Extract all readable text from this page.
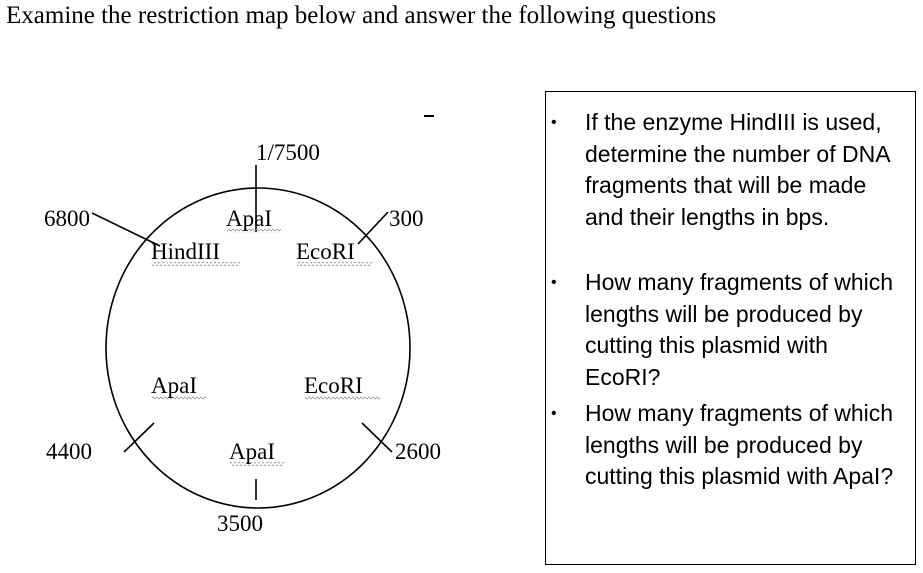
Examine the restriction map below and answer the following questions
1/7500
300
6800
4400	2600
3500
ApaI
HindIII	EcoRI
ApaI	EcoRI
ApaI
• If the enzyme HindIII is used, determine the number of DNA fragments that will be made and their lengths in bps.
• How many fragments of which lengths will be produced by cutting this plasmid with EcoRI?
• How many fragments of which lengths will be produced by cutting this plasmid with ApaI?
